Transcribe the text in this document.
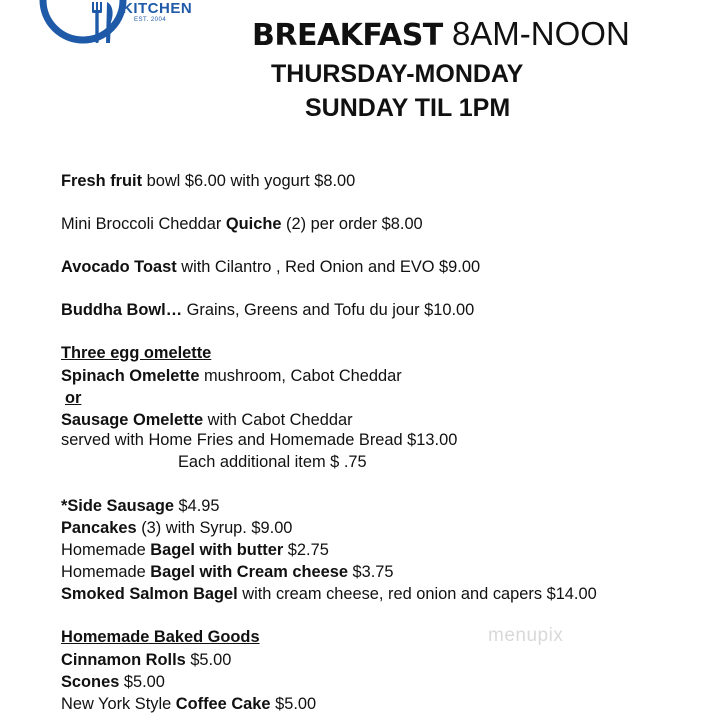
KITCHEN
EST. 2004	BREAKFAST 8AM-NOON
THURSDAY-MONDAY
SUNDAY TIL 1PM
Fresh fruit bowl $6.00 with yogurt $8.00
Mini Broccoli Cheddar Quiche (2) per order $8.00
Avocado Toast with Cilantro , Red Onion and EVO $9.00
Buddha Bowl… Grains, Greens and Tofu du jour $10.00
Three egg omelette
Spinach Omelette mushroom, Cabot Cheddar
or
Sausage Omelette with Cabot Cheddar
served with Home Fries and Homemade Bread $13.00
Each additional item $ .75
*Side Sausage $4.95
Pancakes (3) with Syrup. $9.00
Homemade Bagel with butter $2.75
Homemade Bagel with Cream cheese $3.75
Smoked Salmon Bagel with cream cheese, red onion and capers $14.00
Homemade Baked Goods
Cinnamon Rolls $5.00
Scones $5.00
New York Style Coffee Cake $5.00
menupix
